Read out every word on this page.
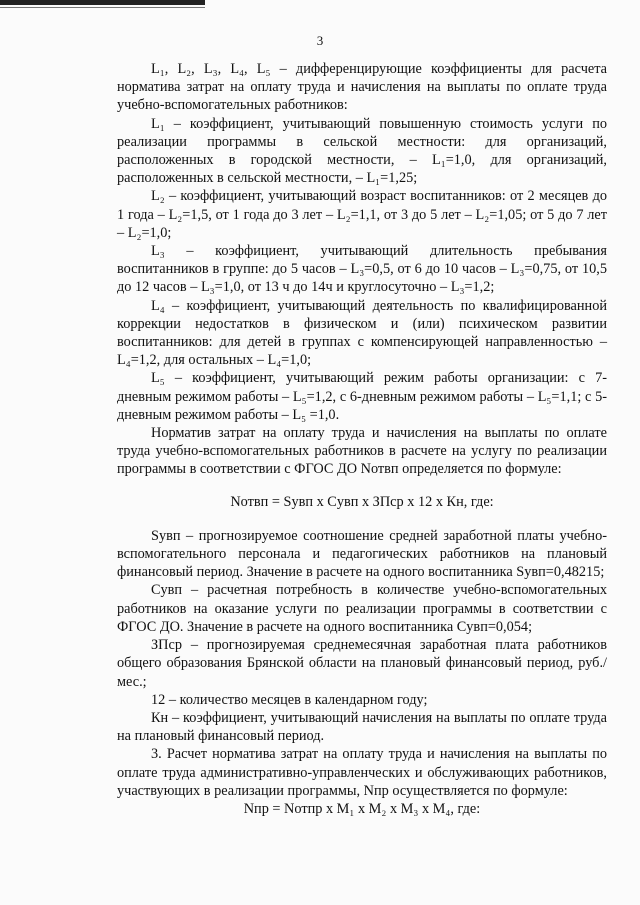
3

L₁, L₂, L₃, L₄, L₅ – дифференцирующие коэффициенты для расчета норматива затрат на оплату труда и начисления на выплаты по оплате труда учебно-вспомогательных работников:

L₁ – коэффициент, учитывающий повышенную стоимость услуги по реализации программы в сельской местности: для организаций, расположенных в городской местности, – L₁=1,0, для организаций, расположенных в сельской местности, – L₁=1,25;

L₂ – коэффициент, учитывающий возраст воспитанников: от 2 месяцев до 1 года – L₂=1,5, от 1 года до 3 лет – L₂=1,1, от 3 до 5 лет – L₂=1,05; от 5 до 7 лет – L₂=1,0;

L₃ – коэффициент, учитывающий длительность пребывания воспитанников в группе: до 5 часов – L₃=0,5, от 6 до 10 часов – L₃=0,75, от 10,5 до 12 часов – L₃=1,0, от 13 ч до 14ч и круглосуточно – L₃=1,2;

L₄ – коэффициент, учитывающий деятельность по квалифицированной коррекции недостатков в физическом и (или) психическом развитии воспитанников: для детей в группах с компенсирующей направленностью – L₄=1,2, для остальных – L₄=1,0;

L₅ – коэффициент, учитывающий режим работы организации: с 7-дневным режимом работы – L₅=1,2, с 6-дневным режимом работы – L₅=1,1; с 5-дневным режимом работы – L₅ =1,0.

Норматив затрат на оплату труда и начисления на выплаты по оплате труда учебно-вспомогательных работников в расчете на услугу по реализации программы в соответствии с ФГОС ДО Nотвп определяется по формуле:

Nотвп = Sувп х Cувп х ЗПср х 12 х Кн, где:

Sувп – прогнозируемое соотношение средней заработной платы учебно-вспомогательного персонала и педагогических работников на плановый финансовый период. Значение в расчете на одного воспитанника Sувп=0,48215;

Cувп – расчетная потребность в количестве учебно-вспомогательных работников на оказание услуги по реализации программы в соответствии с ФГОС ДО. Значение в расчете на одного воспитанника Cувп=0,054;

ЗПср – прогнозируемая среднемесячная заработная плата работников общего образования Брянской области на плановый финансовый период, руб./мес.;

12 – количество месяцев в календарном году;

Кн – коэффициент, учитывающий начисления на выплаты по оплате труда на плановый финансовый период.

3. Расчет норматива затрат на оплату труда и начисления на выплаты по оплате труда административно-управленческих и обслуживающих работников, участвующих в реализации программы, Nпр осуществляется по формуле:

Nпр = Nотпр х M₁ х M₂ х M₃ х M₄, где:
